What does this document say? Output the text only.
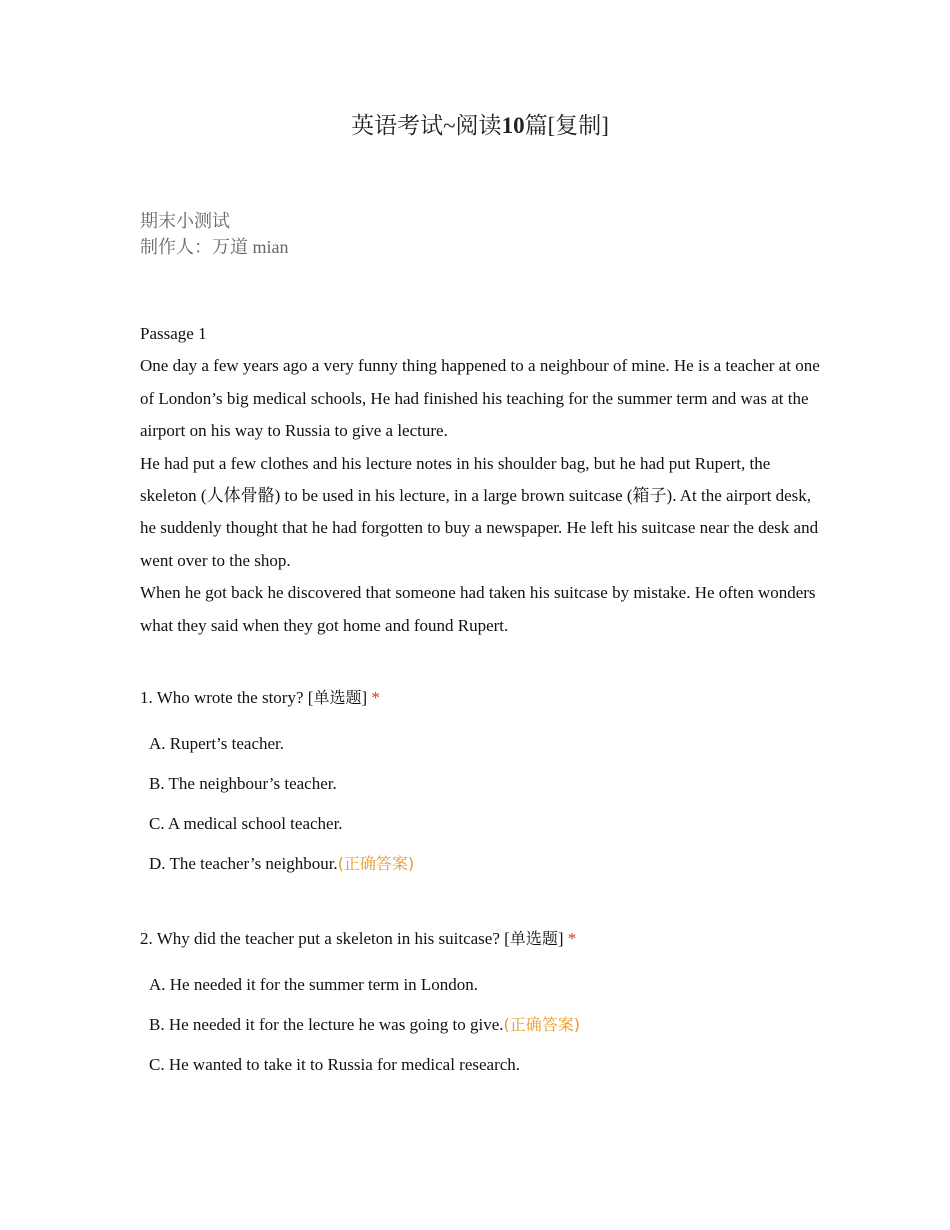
英语考试~阅读10篇[复制]
期末小测试
制作人：万道 mian

Passage 1

One day a few years ago a very funny thing happened to a neighbour of mine. He is a teacher at one of London’s big medical schools, He had finished his teaching for the summer term and was at the airport on his way to Russia to give a lecture.

He had put a few clothes and his lecture notes in his shoulder bag, but he had put Rupert, the skeleton (人体骨骼) to be used in his lecture, in a large brown suitcase (箱子). At the airport desk, he suddenly thought that he had forgotten to buy a newspaper. He left his suitcase near the desk and went over to the shop.

When he got back he discovered that someone had taken his suitcase by mistake. He often wonders what they said when they got home and found Rupert.

1. Who wrote the story? [单选题] *

A. Rupert’s teacher.
B. The neighbour’s teacher.
C. A medical school teacher.
D. The teacher’s neighbour.(正确答案)

2. Why did the teacher put a skeleton in his suitcase? [单选题] *

A. He needed it for the summer term in London.
B. He needed it for the lecture he was going to give.(正确答案)
C. He wanted to take it to Russia for medical research.
